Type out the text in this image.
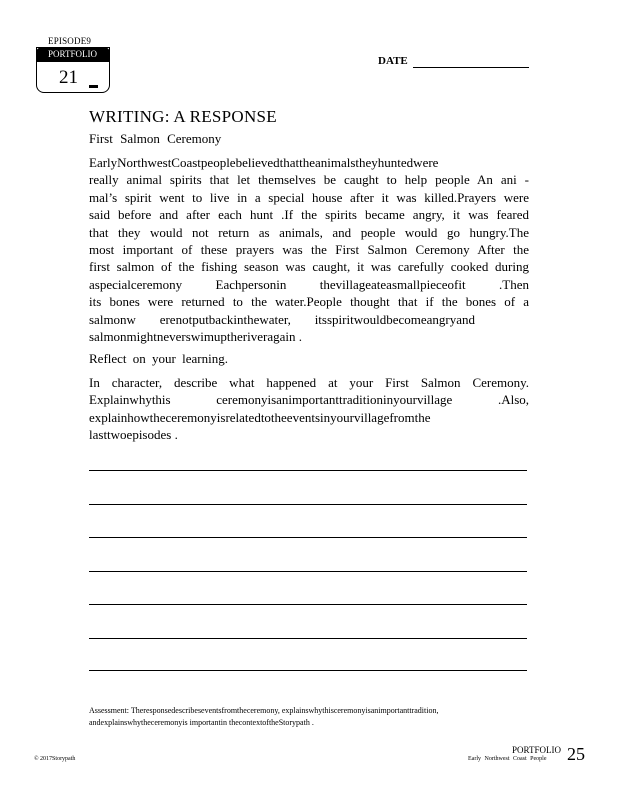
EPISODE9
PORTFOLIO
21
DATE
WRITING: A RESPONSE
First Salmon Ceremony
EarlyNorthwestCoastpeoplebelievedthattheanimalstheyhuntedwere
really animal spirits that let themselves be caught to help people An ani -
mal’s spirit went to live in a special house after it was killed.Prayers were
said before and after each hunt .If the spirits became angry, it was feared
that they would not return as animals, and people would go hungry.The
most important of these prayers was the First Salmon Ceremony After the
first salmon of the fishing season was caught, it was carefully cooked during
aspecialceremony Eachpersonin thevillageateasmallpieceofit .Then
its bones were returned to the water.People thought that if the bones of a
salmonw erenotputbackinthewater, itsspiritwouldbecomeangryand
salmonmightneverswimuptheriveragain .
Reflect on your learning.
In character, describe what happened at your First Salmon Ceremony.
Explainwhythis ceremonyisanimportanttraditioninyourvillage .Also,
explainhowtheceremonyisrelatedtotheeventsinyourvillagefromthe
lasttwoepisodes .
Assessment: Theresponsedescribeseventsfromtheceremony, explainswhythisceremonyisanimportanttradition,
andexplainswhytheceremonyis importantin thecontextoftheStorypath .
© 2017Storypath
PORTFOLIO
Early Northwest Coast People 25
